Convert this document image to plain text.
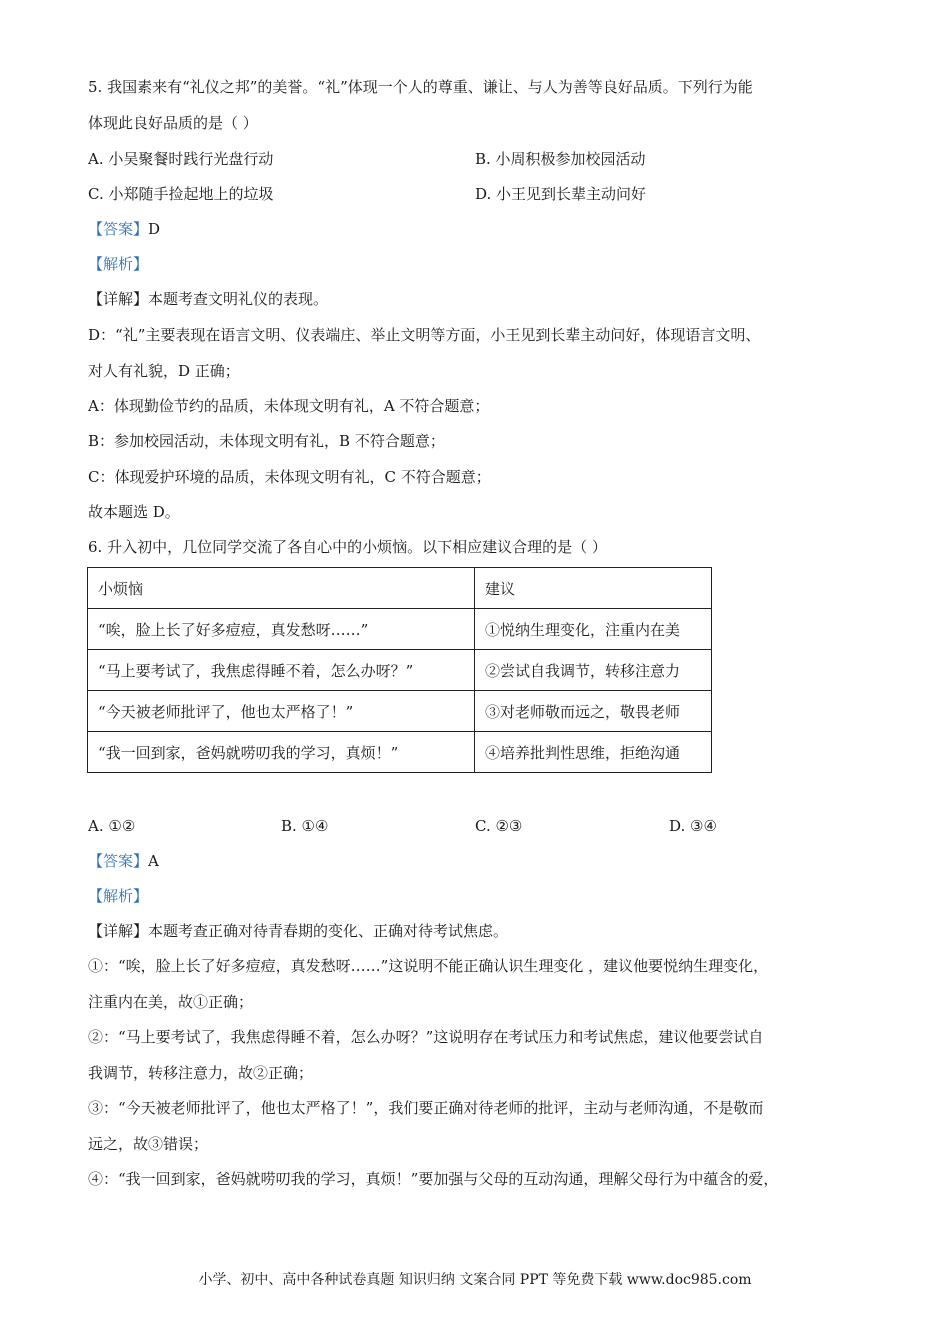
5. 我国素来有“礼仪之邦”的美誉。“礼”体现一个人的尊重、谦让、与人为善等良好品质。下列行为能
体现此良好品质的是（ ）
A. 小吴聚餐时践行光盘行动	B. 小周积极参加校园活动
C. 小郑随手捡起地上的垃圾	D. 小王见到长辈主动问好
【答案】D
【解析】
【详解】本题考查文明礼仪的表现。
D：“礼”主要表现在语言文明、仪表端庄、举止文明等方面，小王见到长辈主动问好，体现语言文明、
对人有礼貌，D 正确；
A：体现勤俭节约的品质，未体现文明有礼，A 不符合题意；
B：参加校园活动，未体现文明有礼，B 不符合题意；
C：体现爱护环境的品质，未体现文明有礼，C 不符合题意；
故本题选 D。
6. 升入初中，几位同学交流了各自心中的小烦恼。以下相应建议合理的是（ ）
小烦恼	建议
“唉，脸上长了好多痘痘，真发愁呀……”	①悦纳生理变化，注重内在美
“马上要考试了，我焦虑得睡不着，怎么办呀？”	②尝试自我调节，转移注意力
“今天被老师批评了，他也太严格了！”	③对老师敬而远之，敬畏老师
“我一回到家，爸妈就唠叨我的学习，真烦！”	④培养批判性思维，拒绝沟通
A. ①②	B. ①④	C. ②③	D. ③④
【答案】A
【解析】
【详解】本题考查正确对待青春期的变化、正确对待考试焦虑。
①：“唉，脸上长了好多痘痘，真发愁呀……”这说明不能正确认识生理变化 ，建议他要悦纳生理变化，
注重内在美，故①正确；
②：“马上要考试了，我焦虑得睡不着，怎么办呀？”这说明存在考试压力和考试焦虑，建议他要尝试自
我调节，转移注意力，故②正确；
③：“今天被老师批评了，他也太严格了！”，我们要正确对待老师的批评，主动与老师沟通，不是敬而
远之，故③错误；
④：“我一回到家，爸妈就唠叨我的学习，真烦！”要加强与父母的互动沟通，理解父母行为中蕴含的爱，
小学、初中、高中各种试卷真题 知识归纳 文案合同 PPT 等免费下载 www.doc985.com
